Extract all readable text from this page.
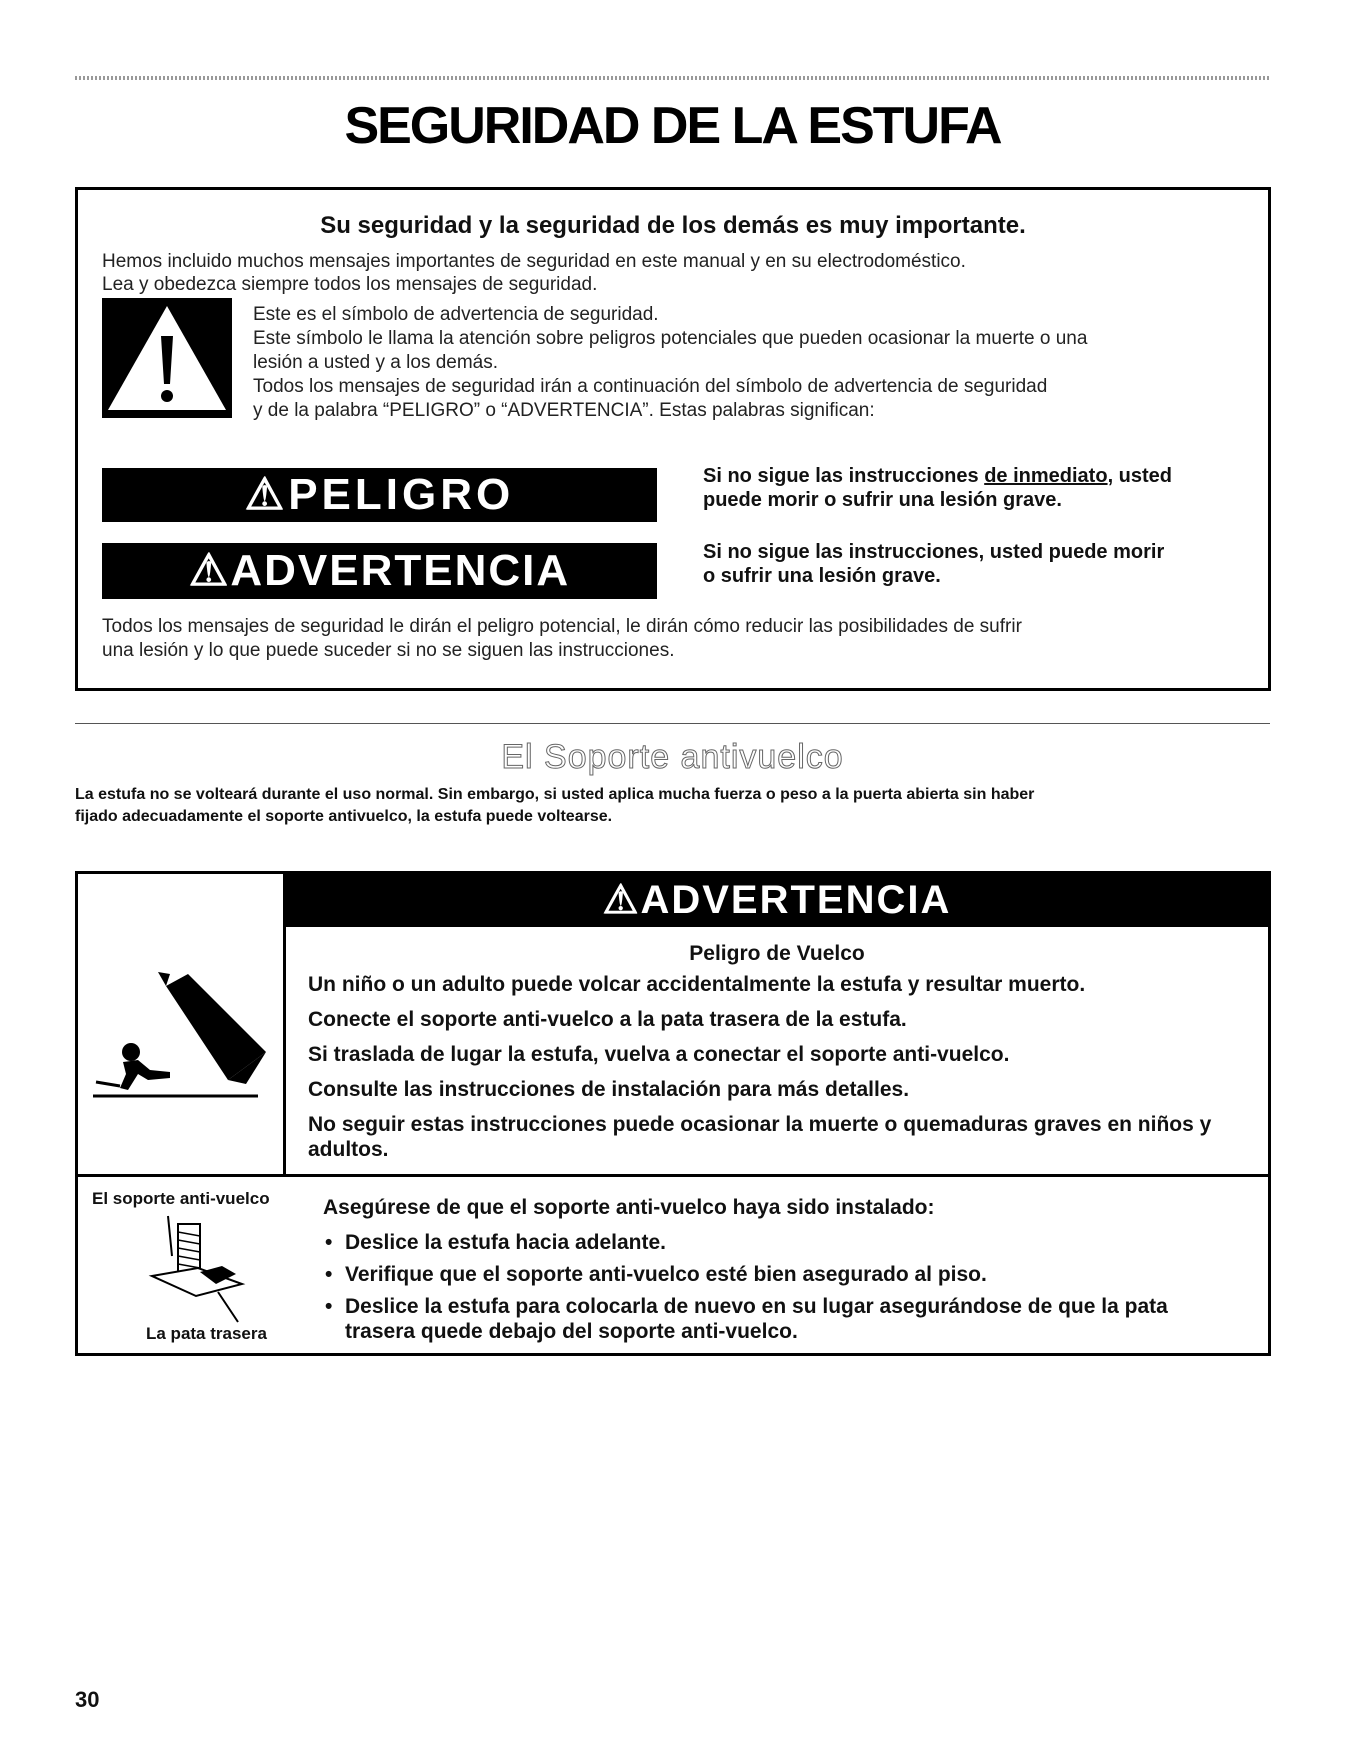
SEGURIDAD DE LA ESTUFA
Su seguridad y la seguridad de los demás es muy importante.
Hemos incluido muchos mensajes importantes de seguridad en este manual y en su electrodoméstico.
Lea y obedezca siempre todos los mensajes de seguridad.
Este es el símbolo de advertencia de seguridad.
Este símbolo le llama la atención sobre peligros potenciales que pueden ocasionar la muerte o una
lesión a usted y a los demás.
Todos los mensajes de seguridad irán a continuación del símbolo de advertencia de seguridad
y de la palabra “PELIGRO” o “ADVERTENCIA”. Estas palabras significan:
⚠PELIGRO	Si no sigue las instrucciones de inmediato, usted
puede morir o sufrir una lesión grave.
⚠ADVERTENCIA	Si no sigue las instrucciones, usted puede morir
o sufrir una lesión grave.
Todos los mensajes de seguridad le dirán el peligro potencial, le dirán cómo reducir las posibilidades de sufrir
una lesión y lo que puede suceder si no se siguen las instrucciones.
El Soporte antivuelco
La estufa no se volteará durante el uso normal. Sin embargo, si usted aplica mucha fuerza o peso a la puerta abierta sin haber
fijado adecuadamente el soporte antivuelco, la estufa puede voltearse.
⚠ADVERTENCIA
Peligro de Vuelco
Un niño o un adulto puede volcar accidentalmente la estufa y resultar muerto.
Conecte el soporte anti-vuelco a la pata trasera de la estufa.
Si traslada de lugar la estufa, vuelva a conectar el soporte anti-vuelco.
Consulte las instrucciones de instalación para más detalles.
No seguir estas instrucciones puede ocasionar la muerte o quemaduras graves en niños y adultos.
El soporte anti-vuelco
La pata trasera
Asegúrese de que el soporte anti-vuelco haya sido instalado:
• Deslice la estufa hacia adelante.
• Verifique que el soporte anti-vuelco esté bien asegurado al piso.
• Deslice la estufa para colocarla de nuevo en su lugar asegurándose de que la pata trasera quede debajo del soporte anti-vuelco.
30
